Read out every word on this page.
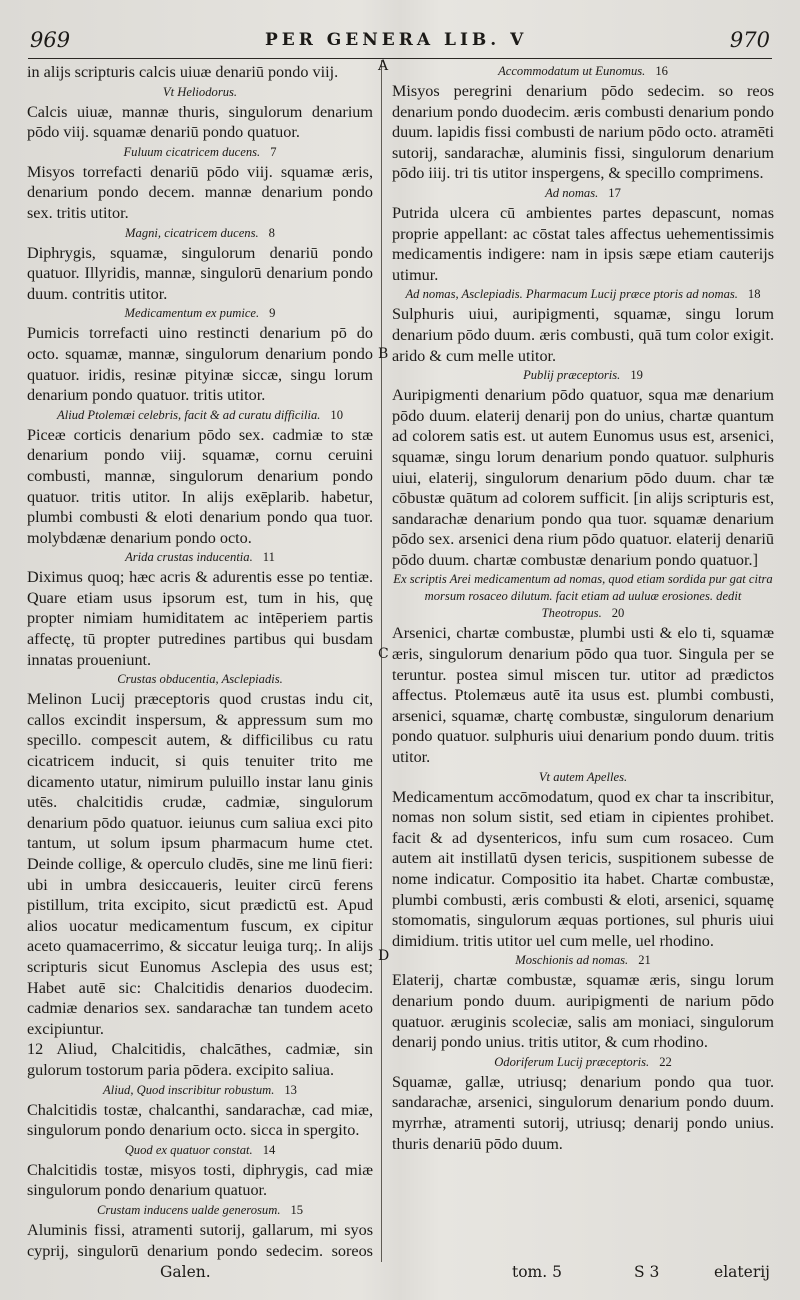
969	PER GENERA LIB. V	970
A
B
C
D

in alijs scripturis calcis uiuæ denariū pondo viij.

Vt Heliodorus.

Calcis uiuæ, mannæ thuris, singulorum denarium pōdo viij. squamæ denariū pondo quatuor.

Fuluum cicatricem ducens. 7

Misyos torrefacti denariū pōdo viij. squamæ æris, denarium pondo decem. mannæ denarium pondo sex. tritis utitor.

Magni, cicatricem ducens. 8

Diphrygis, squamæ, singulorum denariū pondo quatuor. Illyridis, mannæ, singulorū denarium pondo duum. contritis utitor.

Medicamentum ex pumice. 9

Pumicis torrefacti uino restincti denarium pō do octo. squamæ, mannæ, singulorum denarium pondo quatuor. iridis, resinæ pityinæ siccæ, singu lorum denarium pondo quatuor. tritis utitor.

Aliud Ptolemæi celebris, facit & ad curatu difficilia. 10

Piceæ corticis denarium pōdo sex. cadmiæ to stæ denarium pondo viij. squamæ, cornu ceruini combusti, mannæ, singulorum denarium pondo quatuor. tritis utitor. In alijs exēplarib. habetur, plumbi combusti & eloti denarium pondo qua tuor. molybdænæ denarium pondo octo.

Arida crustas inducentia. 11

Diximus quoq; hæc acris & adurentis esse po tentiæ. Quare etiam usus ipsorum est, tum in his, quę propter nimiam humiditatem ac intēperiem partis affectę, tū propter putredines partibus qui busdam innatas proueniunt.

Crustas obducentia, Asclepiadis.

Melinon Lucij præceptoris quod crustas indu cit, callos excindit inspersum, & appressum sum mo specillo. compescit autem, & difficilibus cu ratu cicatricem inducit, si quis tenuiter trito me dicamento utatur, nimirum puluillo instar lanu ginis utēs. chalcitidis crudæ, cadmiæ, singulorum denarium pōdo quatuor. ieiunus cum saliua exci pito tantum, ut solum ipsum pharmacum hume ctet. Deinde collige, & operculo cludēs, sine me linū fieri: ubi in umbra desiccaueris, leuiter circū ferens pistillum, trita excipito, sicut prædictū est. Apud alios uocatur medicamentum fuscum, ex cipitur aceto quamacerrimo, & siccatur leuiga turq;. In alijs scripturis sicut Eunomus Asclepia des usus est; Habet autē sic: Chalcitidis denarios duodecim. cadmiæ denarios sex. sandarachæ tan tundem aceto excipiuntur.

12 Aliud, Chalcitidis, chalcāthes, cadmiæ, sin gulorum tostorum paria pōdera. excipito saliua.

Aliud, Quod inscribitur robustum. 13

Chalcitidis tostæ, chalcanthi, sandarachæ, cad miæ, singulorum pondo denarium octo. sicca in spergito.

Quod ex quatuor constat. 14

Chalcitidis tostæ, misyos tosti, diphrygis, cad miæ singulorum pondo denarium quatuor.

Crustam inducens ualde generosum. 15

Aluminis fissi, atramenti sutorij, gallarum, mi syos cyprij, singulorū denarium pondo sedecim. soreos

Accommodatum ut Eunomus. 16

Misyos peregrini denarium pōdo sedecim. so reos denarium pondo duodecim. æris combusti denarium pondo duum. lapidis fissi combusti de narium pōdo octo. atramēti sutorij, sandarachæ, aluminis fissi, singulorum denarium pōdo iiij. tri tis utitor inspergens, & specillo comprimens.

Ad nomas. 17

Putrida ulcera cū ambientes partes depascunt, nomas proprie appellant: ac cōstat tales affectus uehementissimis medicamentis indigere: nam in ipsis sæpe etiam cauterijs utimur.

Ad nomas, Asclepiadis. Pharmacum Lucij præce ptoris ad nomas. 18

Sulphuris uiui, auripigmenti, squamæ, singu lorum denarium pōdo duum. æris combusti, quā tum color exigit. arido & cum melle utitor.

Publij præceptoris. 19

Auripigmenti denarium pōdo quatuor, squa mæ denarium pōdo duum. elaterij denarij pon do unius, chartæ quantum ad colorem satis est. ut autem Eunomus usus est, arsenici, squamæ, singu lorum denarium pondo quatuor. sulphuris uiui, elaterij, singulorum denarium pōdo duum. char tæ cōbustæ quātum ad colorem sufficit. [in alijs scripturis est, sandarachæ denarium pondo qua tuor. squamæ denarium pōdo sex. arsenici dena rium pōdo quatuor. elaterij denariū pōdo duum. chartæ combustæ denarium pondo quatuor.]

Ex scriptis Arei medicamentum ad nomas, quod etiam sordida pur gat citra morsum rosaceo dilutum. facit etiam ad uuluæ erosiones. dedit Theotropus. 20

Arsenici, chartæ combustæ, plumbi usti & elo ti, squamæ æris, singulorum denarium pōdo qua tuor. Singula per se teruntur. postea simul miscen tur. utitor ad prædictos affectus. Ptolemæus autē ita usus est. plumbi combusti, arsenici, squamæ, chartę combustæ, singulorum denarium pondo quatuor. sulphuris uiui denarium pondo duum. tritis utitor.

Vt autem Apelles.

Medicamentum accōmodatum, quod ex char ta inscribitur, nomas non solum sistit, sed etiam in cipientes prohibet. facit & ad dysentericos, infu sum cum rosaceo. Cum autem ait instillatū dysen tericis, suspitionem subesse de nome indicatur. Compositio ita habet. Chartæ combustæ, plumbi combusti, æris combusti & eloti, arsenici, squamę stomomatis, singulorum æquas portiones, sul phuris uiui dimidium. tritis utitor uel cum melle, uel rhodino.

Moschionis ad nomas. 21

Elaterij, chartæ combustæ, squamæ æris, singu lorum denarium pondo duum. auripigmenti de narium pōdo quatuor. æruginis scoleciæ, salis am moniaci, singulorum denarij pondo unius. tritis utitor, & cum rhodino.

Odoriferum Lucij præceptoris. 22

Squamæ, gallæ, utriusq; denarium pondo qua tuor. sandarachæ, arsenici, singulorum denarium pondo duum. myrrhæ, atramenti sutorij, utriusq; denarij pondo unius. thuris denariū pōdo duum.

Galen.	tom. 5	S 3	elaterij
